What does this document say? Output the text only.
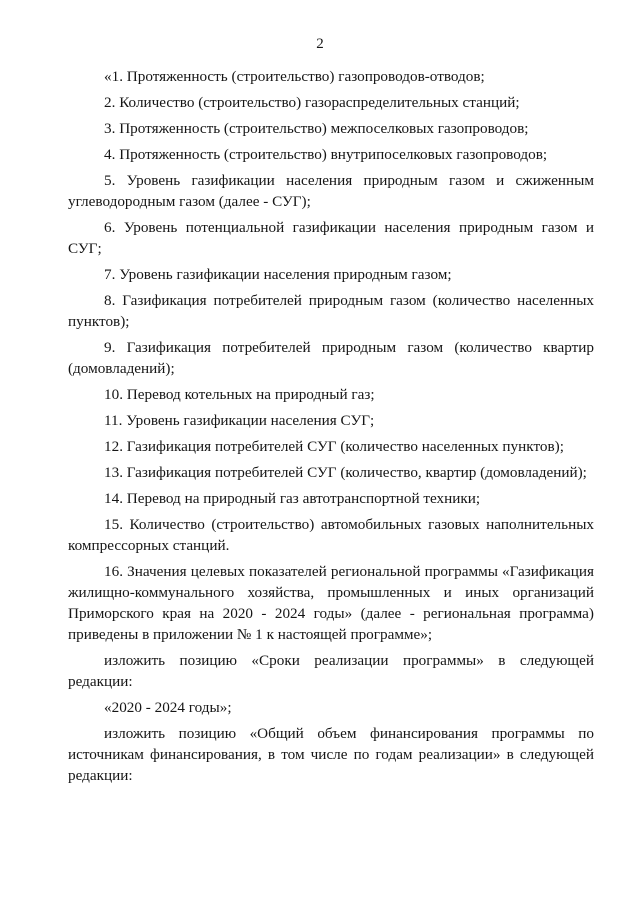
2

«1. Протяженность (строительство) газопроводов-отводов;

2. Количество (строительство) газораспределительных станций;

3. Протяженность (строительство) межпоселковых газопроводов;

4. Протяженность (строительство) внутрипоселковых газопроводов;

5. Уровень газификации населения природным газом и сжиженным углеводородным газом (далее - СУГ);

6. Уровень потенциальной газификации населения природным газом и СУГ;

7. Уровень газификации населения природным газом;

8. Газификация потребителей природным газом (количество населенных пунктов);

9. Газификация потребителей природным газом (количество квартир (домовладений);

10. Перевод котельных на природный газ;

11. Уровень газификации населения СУГ;

12. Газификация потребителей СУГ (количество населенных пунктов);

13. Газификация потребителей СУГ (количество, квартир (домовладений);

14. Перевод на природный газ автотранспортной техники;

15. Количество (строительство) автомобильных газовых наполнительных компрессорных станций.

16. Значения целевых показателей региональной программы «Газификация жилищно-коммунального хозяйства, промышленных и иных организаций Приморского края на 2020 - 2024 годы» (далее - региональная программа) приведены в приложении № 1 к настоящей программе»;

изложить позицию «Сроки реализации программы» в следующей редакции:

«2020 - 2024 годы»;

изложить позицию «Общий объем финансирования программы по источникам финансирования, в том числе по годам реализации» в следующей редакции:
